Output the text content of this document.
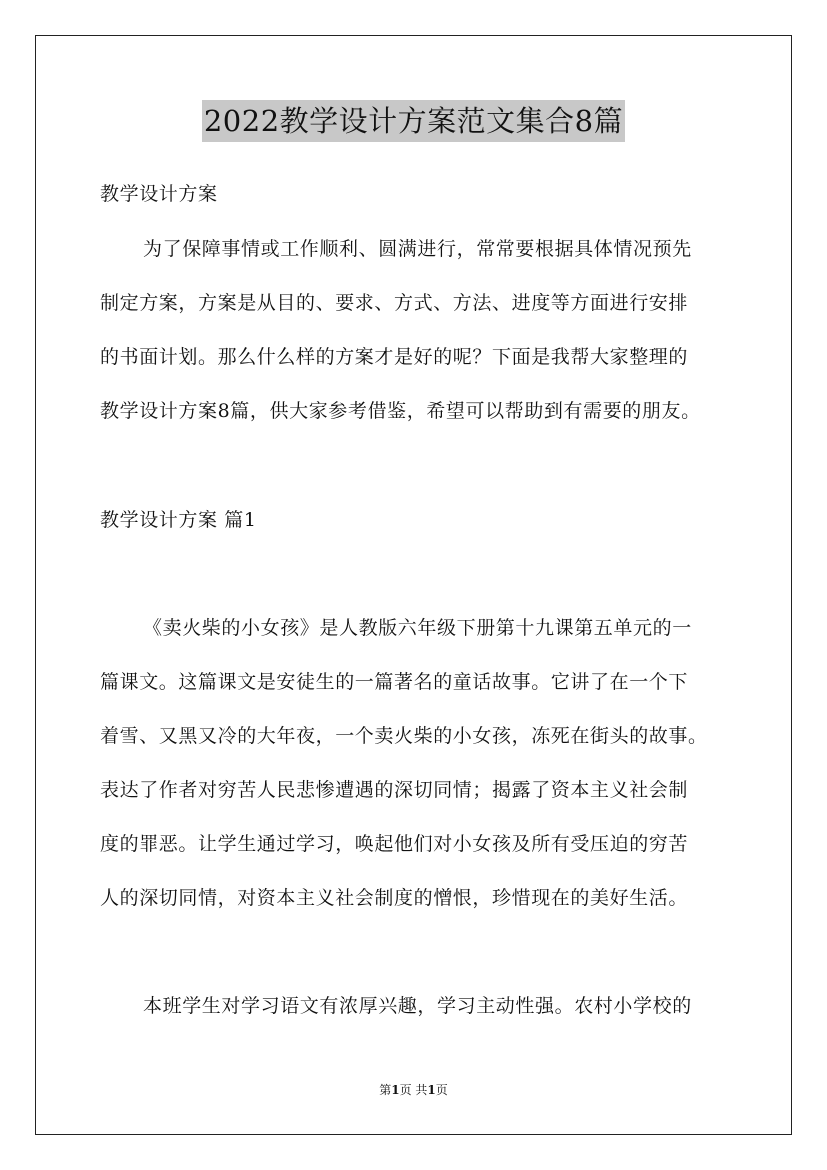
2022教学设计方案范文集合8篇
教学设计方案
为了保障事情或工作顺利、圆满进行，常常要根据具体情况预先
制定方案，方案是从目的、要求、方式、方法、进度等方面进行安排
的书面计划。那么什么样的方案才是好的呢？下面是我帮大家整理的
教学设计方案8篇，供大家参考借鉴，希望可以帮助到有需要的朋友。
教学设计方案 篇1
《卖火柴的小女孩》是人教版六年级下册第十九课第五单元的一
篇课文。这篇课文是安徒生的一篇著名的童话故事。它讲了在一个下
着雪、又黑又冷的大年夜，一个卖火柴的小女孩，冻死在街头的故事。
表达了作者对穷苦人民悲惨遭遇的深切同情；揭露了资本主义社会制
度的罪恶。让学生通过学习，唤起他们对小女孩及所有受压迫的穷苦
人的深切同情，对资本主义社会制度的憎恨，珍惜现在的美好生活。
本班学生对学习语文有浓厚兴趣，学习主动性强。农村小学校的
第1页 共1页
